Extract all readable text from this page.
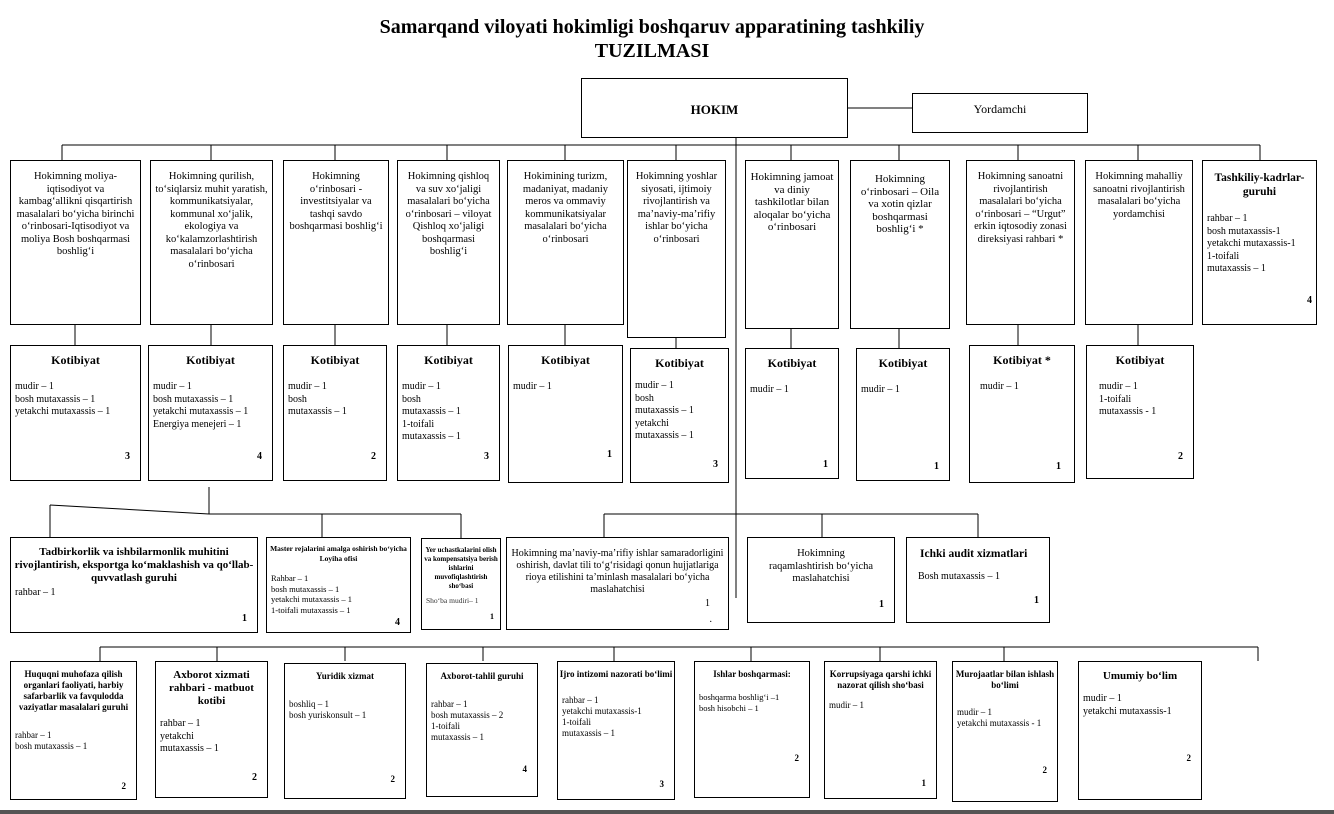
Samarqand viloyati hokimligi boshqaruv apparatining tashkiliy
TUZILMASI
HOKIM	Yordamchi
Hokimning moliya-iqtisodiyot va kambag‘allikni qisqartirish masalalari bo‘yicha birinchi o‘rinbosari-Iqtisodiyot va moliya Bosh boshqarmasi boshlig‘i
Hokimning qurilish, to‘siqlarsiz muhit yaratish, kommunikatsiyalar, kommunal xo‘jalik, ekologiya va ko‘kalamzorlashtirish masalalari bo‘yicha o‘rinbosari
Hokimning o‘rinbosari - investitsiyalar va tashqi savdo boshqarmasi boshlig‘i
Hokimning qishloq va suv xo‘jaligi masalalari bo‘yicha o‘rinbosari – viloyat Qishloq xo‘jaligi boshqarmasi boshlig‘i
Hokimining turizm, madaniyat, madaniy meros va ommaviy kommunikatsiyalar masalalari bo‘yicha o‘rinbosari
Hokimning yoshlar siyosati, ijtimoiy rivojlantirish va ma’naviy-ma’rifiy ishlar bo‘yicha o‘rinbosari
Hokimning jamoat va diniy tashkilotlar bilan aloqalar bo‘yicha o‘rinbosari
Hokimning o‘rinbosari – Oila va xotin qizlar boshqarmasi boshlig‘i *
Hokimning sanoatni rivojlantirish masalalari bo‘yicha o‘rinbosari – “Urgut” erkin iqtosodiy zonasi direksiyasi rahbari *
Hokimning mahalliy sanoatni rivojlantirish masalalari bo‘yicha yordamchisi
Tashkiliy-kadrlar-guruhi
rahbar – 1
bosh mutaxassis-1
yetakchi mutaxassis-1
1-toifali
mutaxassis – 1
4
Kotibiyat
mudir – 1
bosh mutaxassis – 1
yetakchi mutaxassis – 1
3
Kotibiyat
mudir – 1
bosh mutaxassis – 1
yetakchi mutaxassis – 1
Energiya menejeri – 1
4
Kotibiyat
mudir – 1
bosh
mutaxassis – 1
2
Kotibiyat
mudir – 1
bosh
mutaxassis – 1
1-toifali
mutaxassis – 1
3
Kotibiyat
mudir – 1
1
Kotibiyat
mudir – 1
bosh
mutaxassis – 1
yetakchi
mutaxassis – 1
3
Kotibiyat
mudir – 1
1
Kotibiyat
mudir – 1
1
Kotibiyat *
mudir – 1
1
Kotibiyat
mudir – 1
1-toifali
mutaxassis - 1
2
Tadbirkorlik va ishbilarmonlik muhitini rivojlantirish, eksportga ko‘maklashish va qo‘llab-quvvatlash guruhi
rahbar – 1
1
Master rejalarini amalga oshirish bo‘yicha Loyiha ofisi
Rahbar – 1
bosh mutaxassis – 1
yetakchi mutaxassis – 1
1-toifali mutaxassis – 1
4
Yer uchastkalarini olish va kompensatsiya berish ishlarini muvofiqlashtirish sho‘basi
Sho‘ba mudiri– 1
1
Hokimning ma’naviy-ma’rifiy ishlar samaradorligini oshirish, davlat tili to‘g‘risidagi qonun hujjatlariga rioya etilishini ta’minlash masalalari bo‘yicha maslahatchisi
1
.
Hokimning raqamlashtirish bo‘yicha maslahatchisi
1
Ichki audit xizmatlari
Bosh mutaxassis – 1
1
Huquqni muhofaza qilish organlari faoliyati, harbiy safarbarlik va favqulodda vaziyatlar masalalari guruhi
rahbar – 1
bosh mutaxassis – 1
2
Axborot xizmati rahbari - matbuot kotibi
rahbar – 1
yetakchi
mutaxassis – 1
2
Yuridik xizmat
boshliq – 1
bosh yuriskonsult – 1
2
Axborot-tahlil guruhi
rahbar – 1
bosh mutaxassis – 2
1-toifali
mutaxassis – 1
4
Ijro intizomi nazorati bo‘limi
rahbar – 1
yetakchi mutaxassis-1
1-toifali
mutaxassis – 1
3
Ishlar boshqarmasi:
boshqarma boshlig‘i –1
bosh hisobchi – 1
2
Korrupsiyaga qarshi ichki nazorat qilish sho‘basi
mudir – 1
1
Murojaatlar bilan ishlash bo‘limi
mudir – 1
yetakchi mutaxassis - 1
2
Umumiy bo‘lim
mudir – 1
yetakchi mutaxassis-1
2
